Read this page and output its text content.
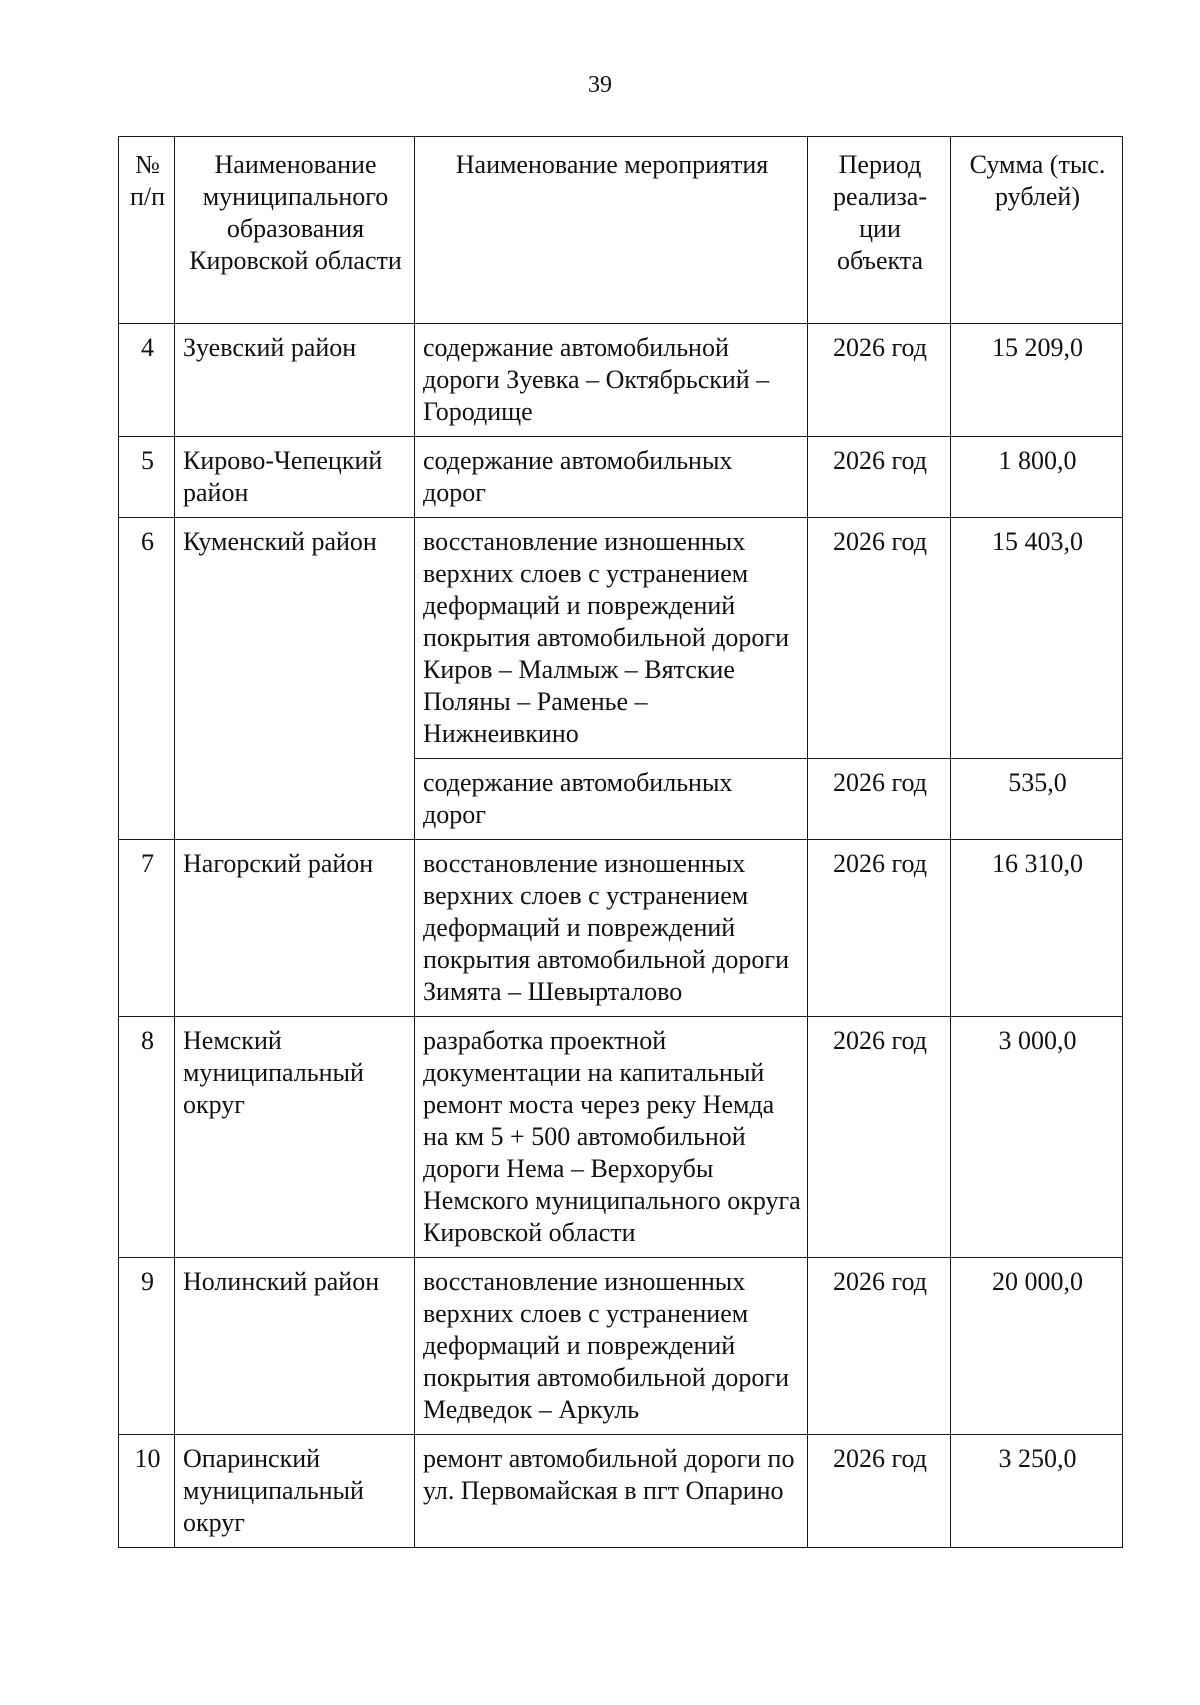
39
№ п/п	Наименование муниципального образования Кировской области	Наименование мероприятия	Период реализа-ции объекта	Сумма (тыс. рублей)
4	Зуевский район	содержание автомобильной дороги Зуевка – Октябрьский – Городище	2026 год	15 209,0
5	Кирово-Чепецкий район	содержание автомобильных дорог	2026 год	1 800,0
6	Куменский район	восстановление изношенных верхних слоев с устранением деформаций и повреждений покрытия автомобильной дороги Киров – Малмыж – Вятские Поляны – Раменье – Нижнеивкино	2026 год	15 403,0
		содержание автомобильных дорог	2026 год	535,0
7	Нагорский район	восстановление изношенных верхних слоев с устранением деформаций и повреждений покрытия автомобильной дороги Зимята – Шевырталово	2026 год	16 310,0
8	Немский муниципальный округ	разработка проектной документации на капитальный ремонт моста через реку Немда на км 5 + 500 автомобильной дороги Нема – Верхорубы Немского муниципального округа Кировской области	2026 год	3 000,0
9	Нолинский район	восстановление изношенных верхних слоев с устранением деформаций и повреждений покрытия автомобильной дороги Медведок – Аркуль	2026 год	20 000,0
10	Опаринский муниципальный округ	ремонт автомобильной дороги по ул. Первомайская в пгт Опарино	2026 год	3 250,0
